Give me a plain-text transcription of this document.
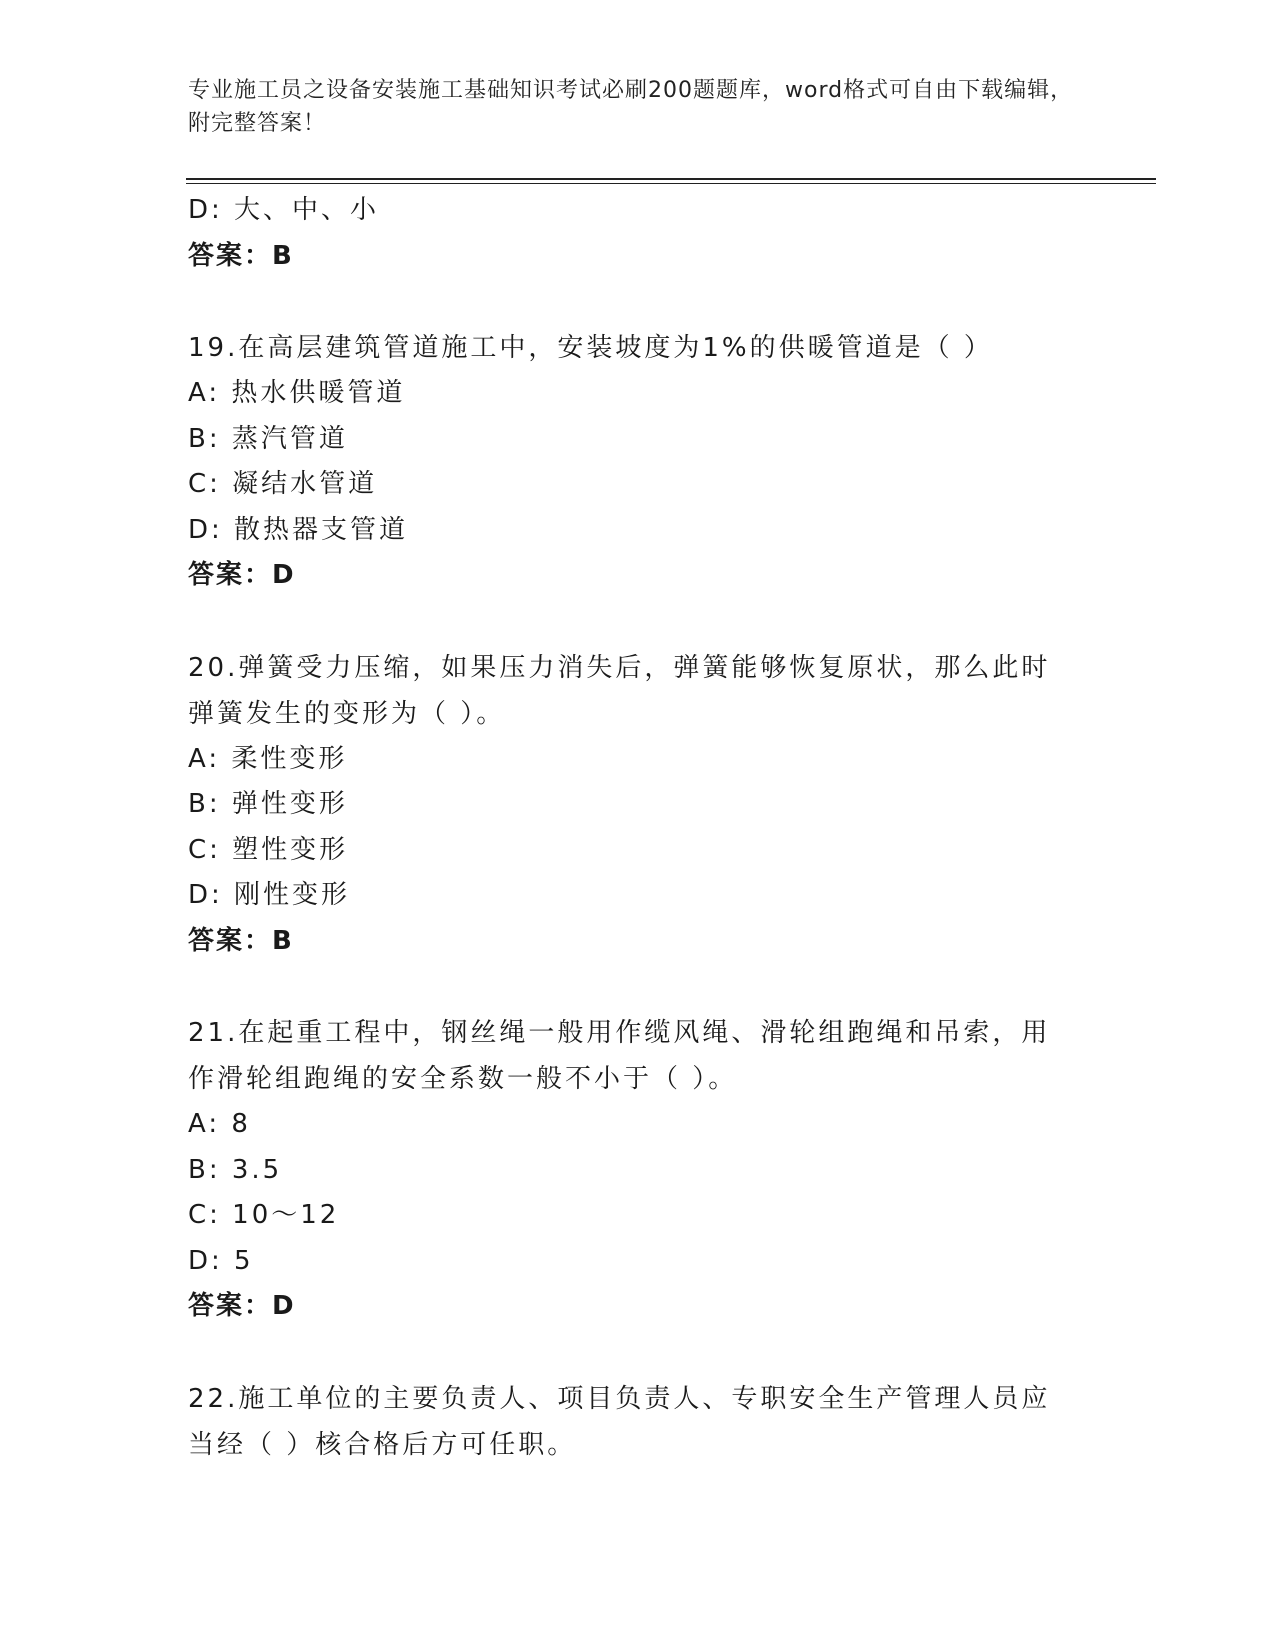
专业施工员之设备安装施工基础知识考试必刷200题题库，word格式可自由下载编辑，附完整答案！
D: 大、中、小
答案：B
19.在高层建筑管道施工中，安装坡度为1%的供暖管道是（ ）
A: 热水供暖管道
B: 蒸汽管道
C: 凝结水管道
D: 散热器支管道
答案：D
20.弹簧受力压缩，如果压力消失后，弹簧能够恢复原状，那么此时弹簧发生的变形为（ ）。
A: 柔性变形
B: 弹性变形
C: 塑性变形
D: 刚性变形
答案：B
21.在起重工程中，钢丝绳一般用作缆风绳、滑轮组跑绳和吊索，用作滑轮组跑绳的安全系数一般不小于（ ）。
A: 8
B: 3.5
C: 10～12
D: 5
答案：D
22.施工单位的主要负责人、项目负责人、专职安全生产管理人员应当经（ ）核合格后方可任职。
